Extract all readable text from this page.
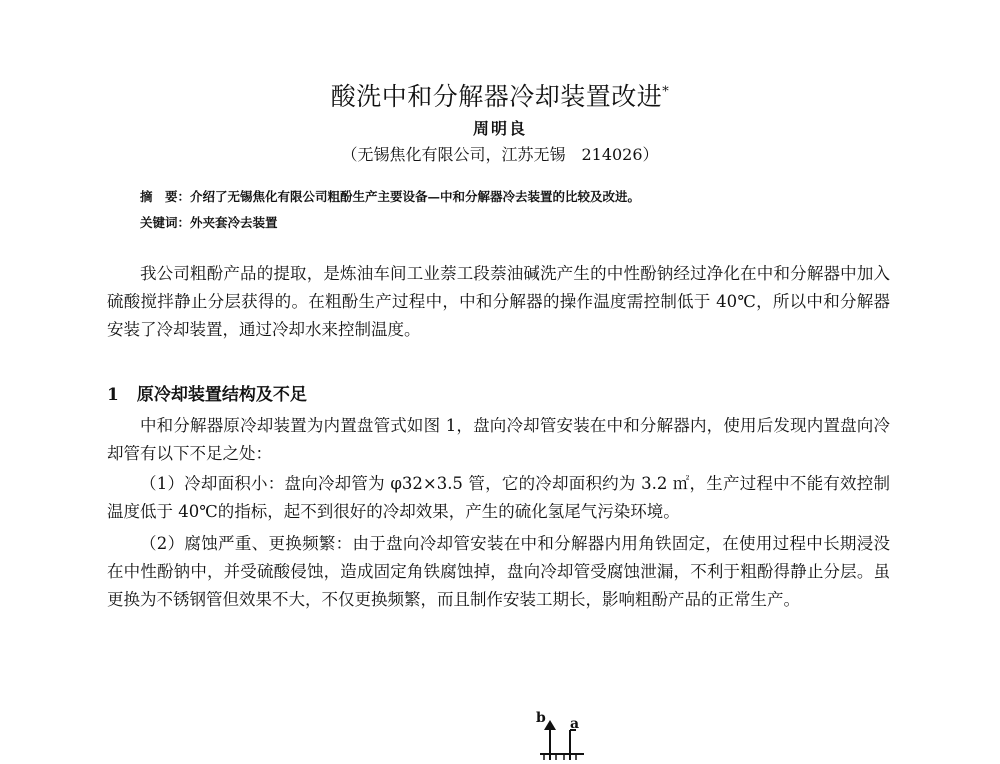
酸洗中和分解器冷却装置改进*
周明良
（无锡焦化有限公司，江苏无锡　214026）
摘　要：介绍了无锡焦化有限公司粗酚生产主要设备—中和分解器冷去装置的比较及改进。
关键词：外夹套冷去装置

我公司粗酚产品的提取，是炼油车间工业萘工段萘油碱洗产生的中性酚钠经过净化在中和分解器中加入硫酸搅拌静止分层获得的。在粗酚生产过程中，中和分解器的操作温度需控制低于 40℃，所以中和分解器安装了冷却装置，通过冷却水来控制温度。

1 原冷却装置结构及不足

中和分解器原冷却装置为内置盘管式如图 1，盘向冷却管安装在中和分解器内，使用后发现内置盘向冷却管有以下不足之处：

（1）冷却面积小：盘向冷却管为 φ32×3.5 管，它的冷却面积约为 3.2 ㎡，生产过程中不能有效控制温度低于 40℃的指标，起不到很好的冷却效果，产生的硫化氢尾气污染环境。

（2）腐蚀严重、更换频繁：由于盘向冷却管安装在中和分解器内用角铁固定，在使用过程中长期浸没在中性酚钠中，并受硫酸侵蚀，造成固定角铁腐蚀掉，盘向冷却管受腐蚀泄漏，不利于粗酚得静止分层。虽更换为不锈钢管但效果不大，不仅更换频繁，而且制作安装工期长，影响粗酚产品的正常生产。

b a
